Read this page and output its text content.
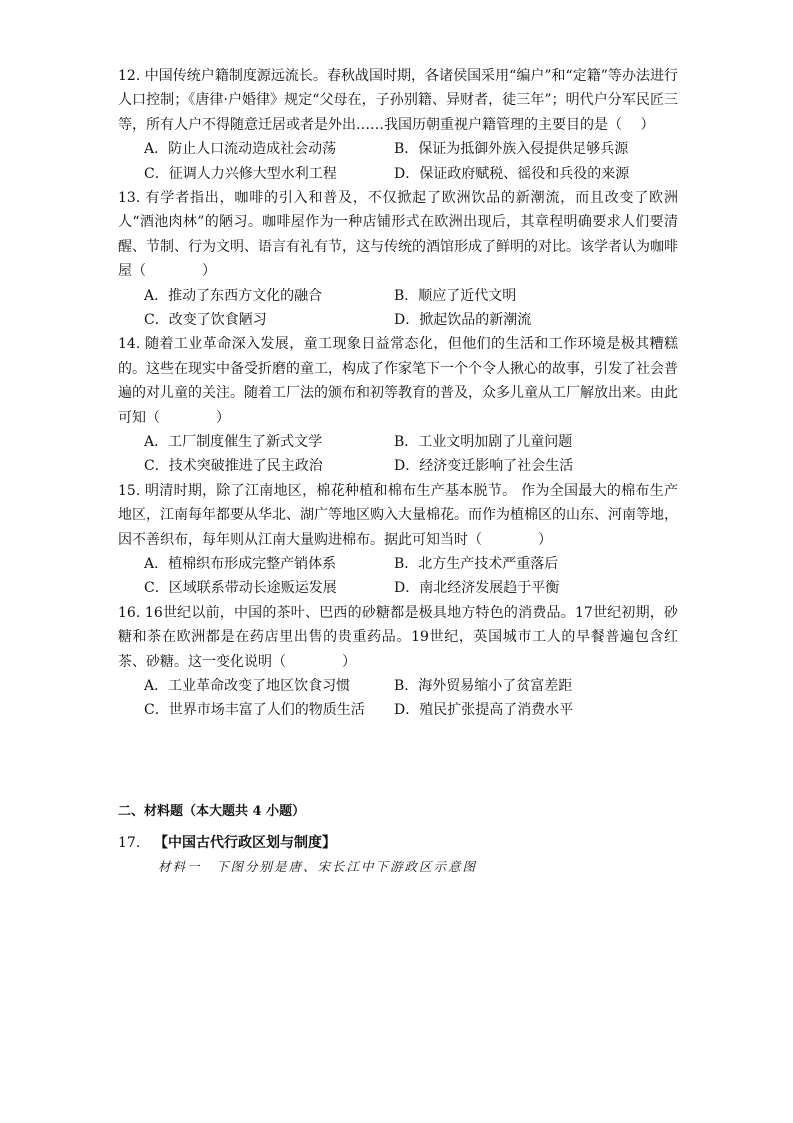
12. 中国传统户籍制度源远流长。春秋战国时期，各诸侯国采用“编户”和“定籍”等办法进行人口控制；《唐律·户婚律》规定“父母在，子孙别籍、异财者，徒三年”；明代户分军民匠三等，所有人户不得随意迁居或者是外出……我国历朝重视户籍管理的主要目的是（　 ）

A．防止人口流动造成社会动荡	B．保证为抵御外族入侵提供足够兵源
C．征调人力兴修大型水利工程	D．保证政府赋税、徭役和兵役的来源

13. 有学者指出，咖啡的引入和普及，不仅掀起了欧洲饮品的新潮流，而且改变了欧洲人“酒池肉林”的陋习。咖啡屋作为一种店铺形式在欧洲出现后，其章程明确要求人们要清醒、节制、行为文明、语言有礼有节，这与传统的酒馆形成了鲜明的对比。该学者认为咖啡屋（　　　　）

A．推动了东西方文化的融合	B．顺应了近代文明
C．改变了饮食陋习	D．掀起饮品的新潮流

14. 随着工业革命深入发展，童工现象日益常态化，但他们的生活和工作环境是极其糟糕的。这些在现实中备受折磨的童工，构成了作家笔下一个个令人揪心的故事，引发了社会普遍的对儿童的关注。随着工厂法的颁布和初等教育的普及，众多儿童从工厂解放出来。由此可知（　　　　）

A．工厂制度催生了新式文学	B．工业文明加剧了儿童问题
C．技术突破推进了民主政治	D．经济变迁影响了社会生活

15. 明清时期，除了江南地区，棉花种植和棉布生产基本脱节。 作为全国最大的棉布生产地区，江南每年都要从华北、湖广等地区购入大量棉花。而作为植棉区的山东、河南等地，因不善织布，每年则从江南大量购进棉布。据此可知当时（　　　　）

A．植棉织布形成完整产销体系	B．北方生产技术严重落后
C．区域联系带动长途贩运发展	D．南北经济发展趋于平衡

16. 16世纪以前，中国的茶叶、巴西的砂糖都是极具地方特色的消费品。17世纪初期，砂糖和茶在欧洲都是在药店里出售的贵重药品。19世纪，英国城市工人的早餐普遍包含红茶、砂糖。这一变化说明（　　　　）

A．工业革命改变了地区饮食习惯	B．海外贸易缩小了贫富差距
C．世界市场丰富了人们的物质生活 D．殖民扩张提高了消费水平
二、材料题（本大题共 4 小题）
17. 【中国古代行政区划与制度】
材料一　下图分别是唐、宋长江中下游政区示意图
